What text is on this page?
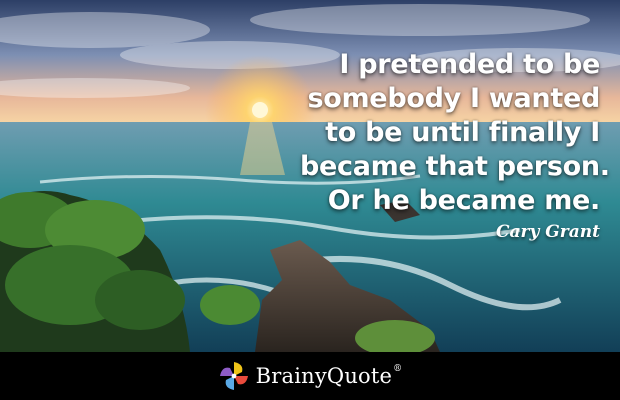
I pretended to be
somebody I wanted
to be until finally I
became that person.
Or he became me.
Cary Grant
BrainyQuote®
